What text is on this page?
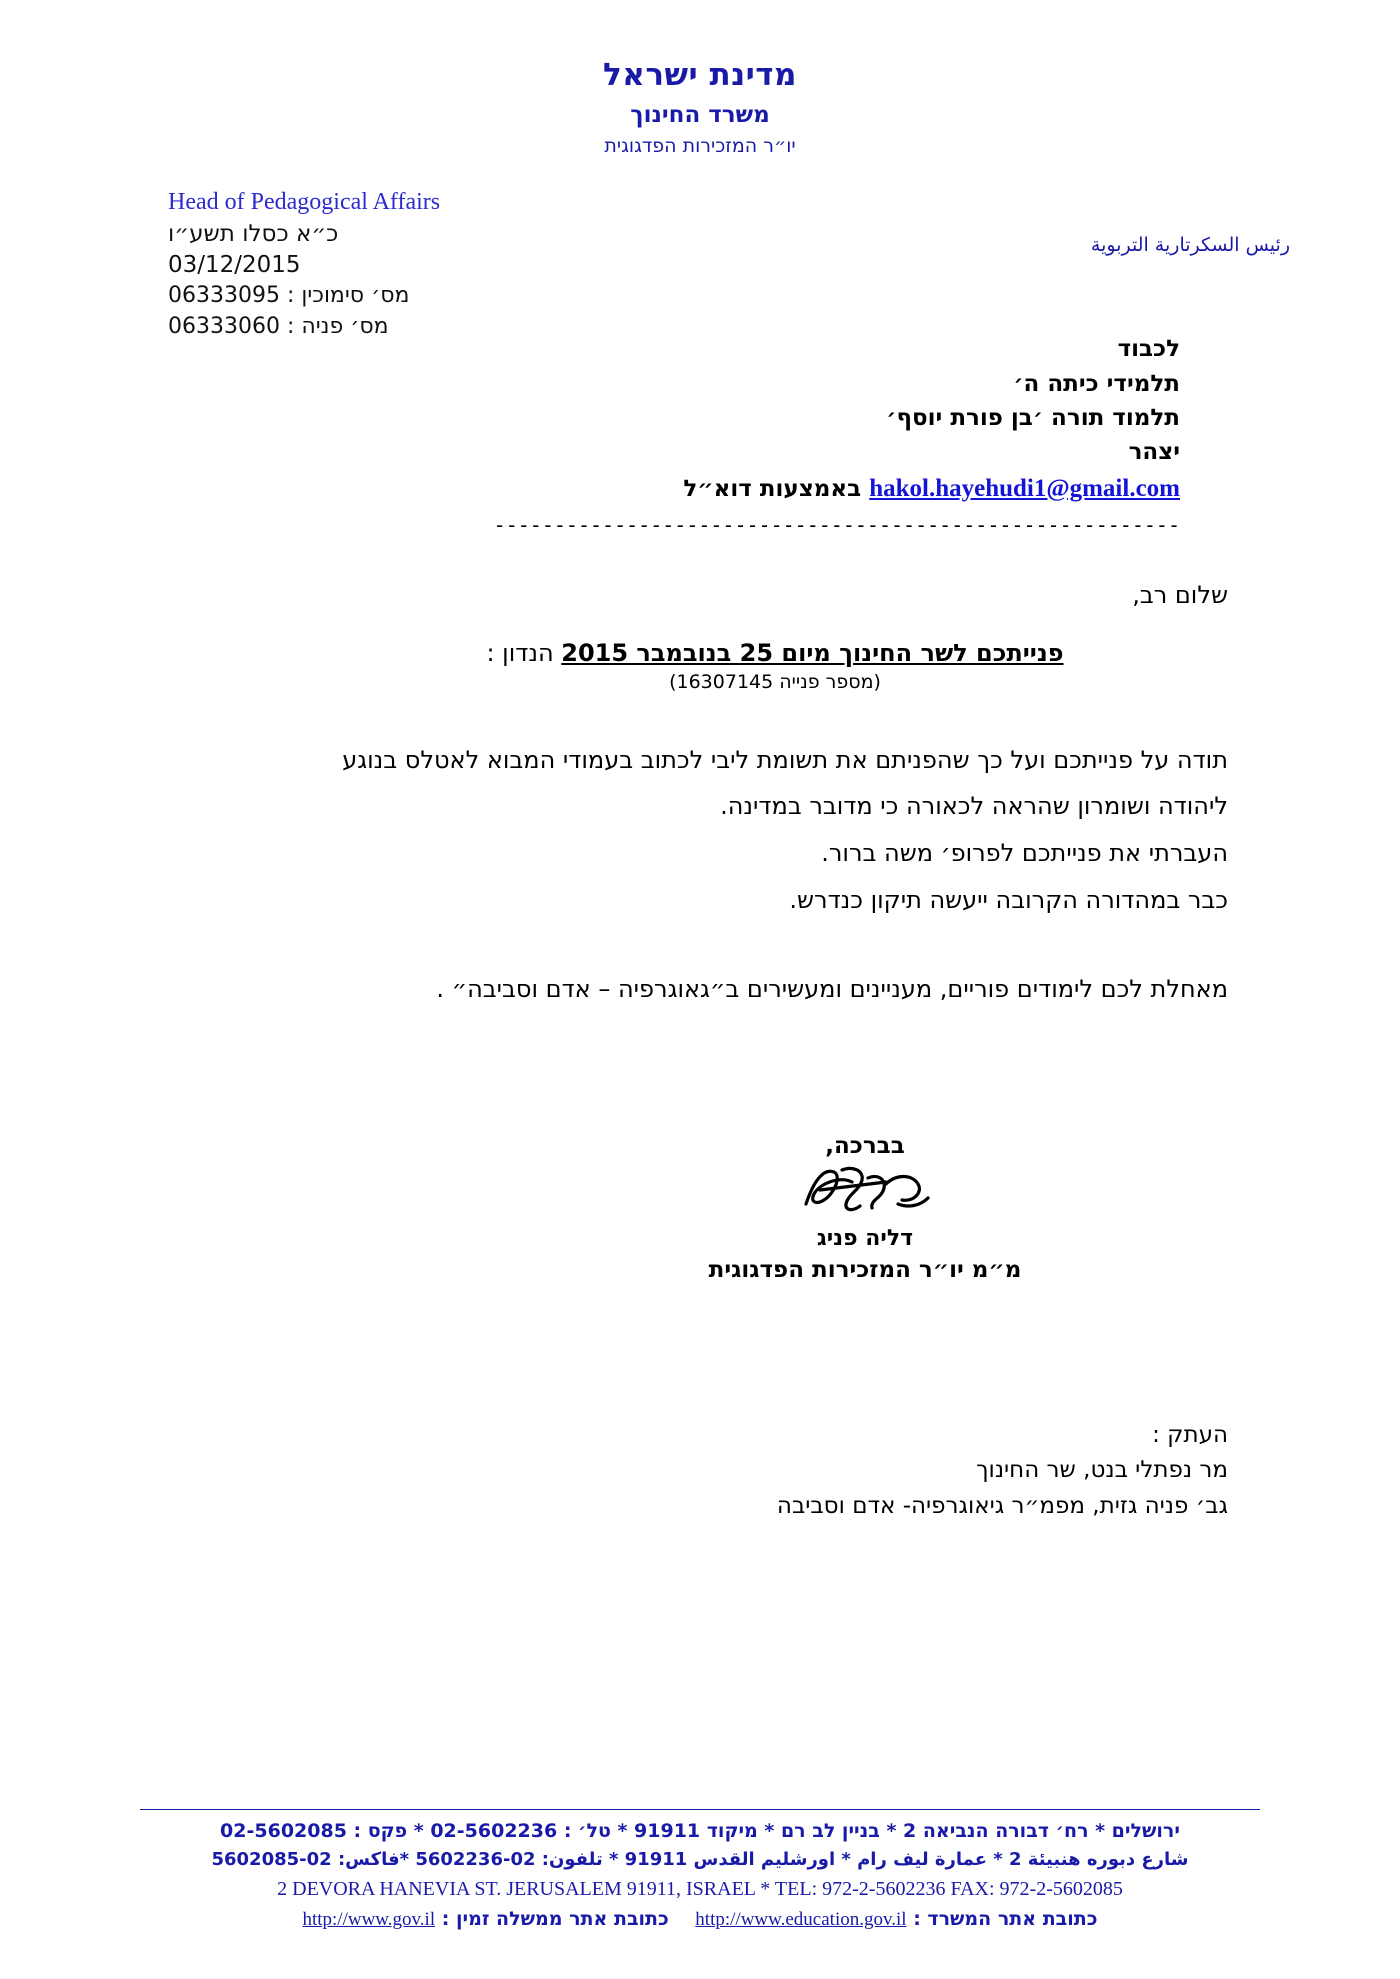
מדינת ישראל
משרד החינוך
יו״ר המזכירות הפדגוגית
رئيس السكرتارية التربوية
Head of Pedagogical Affairs
כ״א כסלו תשע״ו
03/12/2015
מס׳ סימוכין : 06333095
מס׳ פניה : 06333060
לכבוד
תלמידי כיתה ה׳
תלמוד תורה ׳בן פורת יוסף׳
יצהר
hakol.hayehudi1@gmail.com באמצעות דוא״ל
---------------------------------------------------------
שלום רב,
פנייתכם לשר החינוך מיום 25 בנובמבר 2015 הנדון :
(מספר פנייה 16307145)

תודה על פנייתכם ועל כך שהפניתם את תשומת ליבי לכתוב בעמודי המבוא לאטלס בנוגע

ליהודה ושומרון שהראה לכאורה כי מדובר במדינה.

העברתי את פנייתכם לפרופ׳ משה ברור.

כבר במהדורה הקרובה ייעשה תיקון כנדרש.

מאחלת לכם לימודים פוריים, מעניינים ומעשירים ב״גאוגרפיה – אדם וסביבה״ .

בברכה,
דליה פניג
מ״מ יו״ר המזכירות הפדגוגית
העתק :
מר נפתלי בנט, שר החינוך
גב׳ פניה גזית, מפמ״ר גיאוגרפיה- אדם וסביבה
ירושלים * רח׳ דבורה הנביאה 2 * בניין לב רם * מיקוד 91911 * טל׳ : 02-5602236 * פקס : 02-5602085
شارع دبوره هنبيئة 2 * عمارة ليف رام * اورشليم القدس 91911 * تلفون: 02-5602236 *فاكس: 02-5602085
2 DEVORA HANEVIA ST. JERUSALEM 91911, ISRAEL * TEL: 972-2-5602236 FAX: 972-2-5602085
כתובת אתר המשרד : http://www.education.gov.il    כתובת אתר ממשלה זמין : http://www.gov.il
